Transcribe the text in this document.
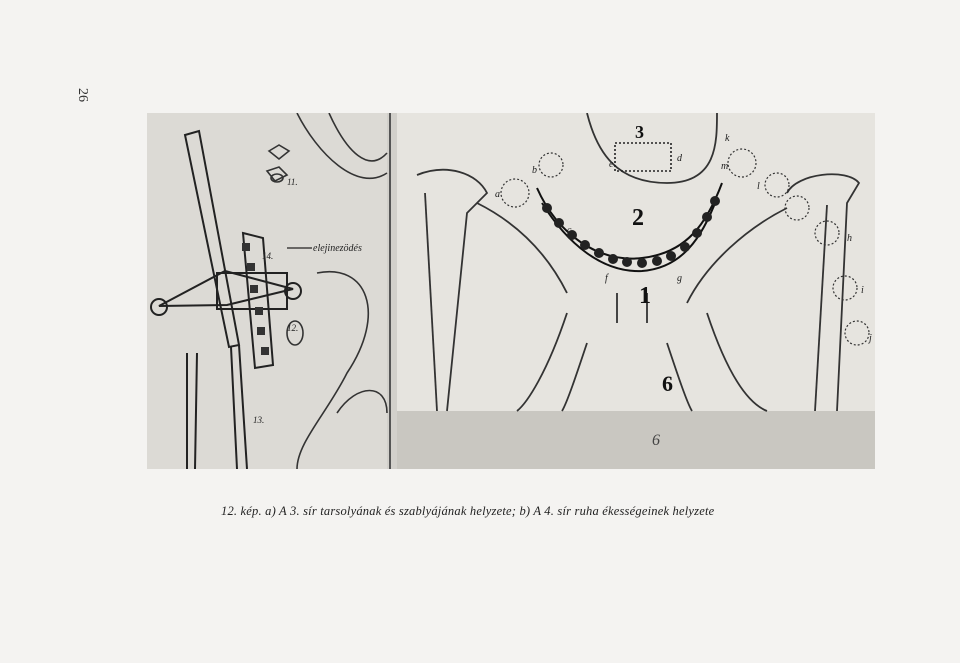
26
11.
14.
12.
13.
elejinezödés
3
2
1
6
a
b
e
d
c
f	g
h
i
j
k
l
m
6
12. kép. a) A 3. sír tarsolyának és szablyájának helyzete; b) A 4. sír ruha ékességeinek helyzete
